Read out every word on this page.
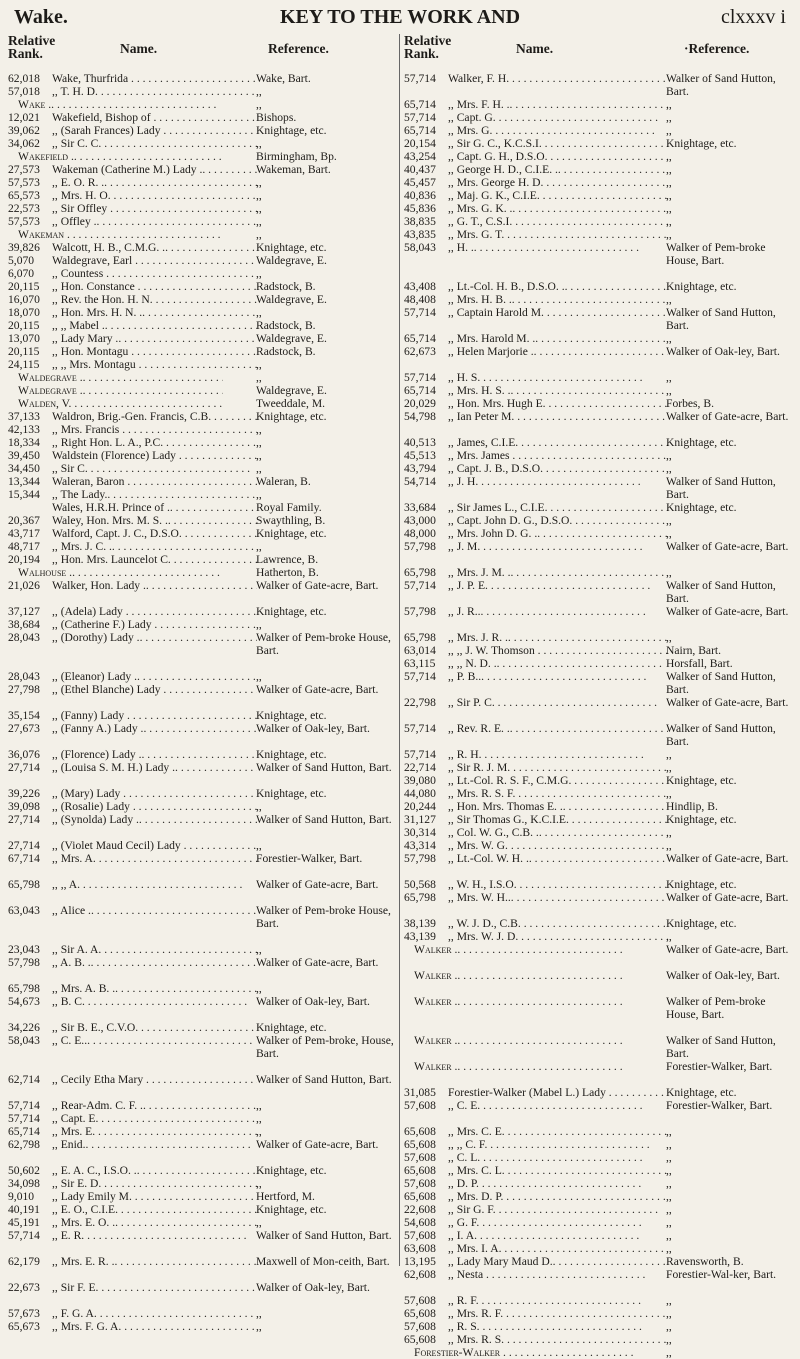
Wake.	KEY TO THE WORK AND	clxxxv i
Relative Rank.	Name.	Reference.
62,018	Wake, Thurfrida . . .	Wake, Bart.
57,018	,, T. H. D. . . .	,,
Wake .. . . .	,,
12,021	Wakefield, Bishop of . . .	Bishops.
39,062	,, (Sarah Frances) Lady . . .	Knightage, etc.
34,062	,, Sir C. C. . . .	,,
Wakefield .. . . .	Birmingham, Bp.
27,573	Wakeman (Catherine M.) Lady .. . . .	Wakeman, Bart.
57,573	,, E. O. R. .. . . .	,,
65,573	,, Mrs. H. O. . . .	,,
22,573	,, Sir Offley . . .	,,
57,573	,, Offley .. . . .	,,
Wakeman . . .	,,
39,826	Walcott, H. B., C.M.G. .. . . .	Knightage, etc.
5,070	Waldegrave, Earl . . .	Waldegrave, E.
6,070	,, Countess . . .	,,
20,115	,, Hon. Constance . . .	Radstock, B.
16,070	,, Rev. the Hon. H. N. . . .	Waldegrave, E.
18,070	,, Hon. Mrs. H. N. .. . . .	,,
20,115	,, ,, Mabel .. . . .	Radstock, B.
13,070	,, Lady Mary .. . . .	Waldegrave, E.
20,115	,, Hon. Montagu . . .	Radstock, B.
24,115	,, ,, Mrs. Montagu . . .	,,
Waldegrave .. . . .	,,
Waldegrave .. . . .	Waldegrave, E.
Walden, V. . . .	Tweeddale, M.
37,133	Waldron, Brig.-Gen. Francis, C.B. . . .	Knightage, etc.
42,133	,, Mrs. Francis . . .	,,
18,334	,, Right Hon. L. A., P.C. . . .	,,
39,450	Waldstein (Florence) Lady . . .	,,
34,450	,, Sir C. . . .	,,
13,344	Waleran, Baron . . .	Waleran, B.
15,344	,, The Lady.. . . .	,,
Wales, H.R.H. Prince of .. . . .	Royal Family.
20,367	Waley, Hon. Mrs. M. S. .. . . .	Swaythling, B.
43,717	Walford, Capt. J. C., D.S.O. . . .	Knightage, etc.
48,717	,, Mrs. J. C. .. . . .	,,
20,194	,, Hon. Mrs. Launcelot C. . . .	Lawrence, B.
Walhouse .. . . .	Hatherton, B.
21,026	Walker, Hon. Lady .. . . .	Walker of Gate-acre, Bart.

37,127	,, (Adela) Lady . . .	Knightage, etc.
38,684	,, (Catherine F.) Lady . . .	,,
28,043	,, (Dorothy) Lady .. . . .	Walker of Pem-broke House, Bart.

28,043	,, (Eleanor) Lady .. . . .	,,
27,798	,, (Ethel Blanche) Lady . . .	Walker of Gate-acre, Bart.

35,154	,, (Fanny) Lady . . .	Knightage, etc.
27,673	,, (Fanny A.) Lady .. . . .	Walker of Oak-ley, Bart.

36,076	,, (Florence) Lady .. . . .	Knightage, etc.
27,714	,, (Louisa S. M. H.) Lady .. . . .	Walker of Sand Hutton, Bart.

39,226	,, (Mary) Lady . . .	Knightage, etc.
39,098	,, (Rosalie) Lady . . .	,,
27,714	,, (Synolda) Lady .. . . .	Walker of Sand Hutton, Bart.

27,714	,, (Violet Maud Cecil) Lady . . .	,,
67,714	,, Mrs. A. . . .	Forestier-Walker, Bart.

65,798	,, ,, A. . . .	Walker of Gate-acre, Bart.

63,043	,, Alice .. . . .	Walker of Pem-broke House, Bart.

23,043	,, Sir A. A. . . .	,,
57,798	,, A. B. .. . . .	Walker of Gate-acre, Bart.

65,798	,, Mrs. A. B. .. . . .	,,
54,673	,, B. C. . . .	Walker of Oak-ley, Bart.

34,226	,, Sir B. E., C.V.O. . . .	Knightage, etc.
58,043	,, C. E... . . .	Walker of Pem-broke, House, Bart.

62,714	,, Cecily Etha Mary . . .	Walker of Sand Hutton, Bart.

57,714	,, Rear-Adm. C. F. .. . . .	,,
57,714	,, Capt. E. . . .	,,
65,714	,, Mrs. E. . . .	,,
62,798	,, Enid.. . . .	Walker of Gate-acre, Bart.

50,602	,, E. A. C., I.S.O. .. . . .	Knightage, etc.
34,098	,, Sir E. D. . . .	,,
9,010	,, Lady Emily M. . . .	Hertford, M.
40,191	,, E. O., C.I.E. . . .	Knightage, etc.
45,191	,, Mrs. E. O. .. . . .	,,
57,714	,, E. R. . . .	Walker of Sand Hutton, Bart.

62,179	,, Mrs. E. R. .. . . .	Maxwell of Mon-ceith, Bart.

22,673	,, Sir F. E. . . .	Walker of Oak-ley, Bart.

57,673	,, F. G. A. . . .	,,
65,673	,, Mrs. F. G. A. . . .	,,
Relative Rank.	Name.	·Reference.
57,714	Walker, F. H. . . .	Walker of Sand Hutton, Bart.

65,714	,, Mrs. F. H. .. . . .	,,
57,714	,, Capt. G. . . .	,,
65,714	,, Mrs. G. . . .	,,
20,154	,, Sir G. C., K.C.S.I. . . .	Knightage, etc.
43,254	,, Capt. G. H., D.S.O. . . .	,,
40,437	,, George H. D., C.I.E. .. . . .	,,
45,457	,, Mrs. George H. D. . . .	,,
40,836	,, Maj. G. K., C.I.E. . . .	,,
45,836	,, Mrs. G. K. .. . . .	,,
38,835	,, G. T., C.S.I. . . .	,,
43,835	,, Mrs. G. T. . . .	,,
58,043	,, H. .. . . .	Walker of Pem-broke House, Bart.

43,408	,, Lt.-Col. H. B., D.S.O. .. . . .	Knightage, etc.
48,408	,, Mrs. H. B. .. . . .	,,
57,714	,, Captain Harold M. . . .	Walker of Sand Hutton, Bart.

65,714	,, Mrs. Harold M. .. . . .	,,
62,673	,, Helen Marjorie .. . . .	Walker of Oak-ley, Bart.

57,714	,, H. S. . . .	,,
65,714	,, Mrs. H. S. .. . . .	,,
20,029	,, Hon. Mrs. Hugh E. . . .	Forbes, B.
54,798	,, Ian Peter M. . . .	Walker of Gate-acre, Bart.

40,513	,, James, C.I.E. . . .	Knightage, etc.
45,513	,, Mrs. James . . .	,,
43,794	,, Capt. J. B., D.S.O. . . .	,,
54,714	,, J. H. . . .	Walker of Sand Hutton, Bart.

33,684	,, Sir James L., C.I.E. . . .	Knightage, etc.
43,000	,, Capt. John D. G., D.S.O. . . .	,,
48,000	,, Mrs. John D. G. .. . . .	,,
57,798	,, J. M. . . .	Walker of Gate-acre, Bart.

65,798	,, Mrs. J. M. .. . . .	,,
57,714	,, J. P. E. . . .	Walker of Sand Hutton, Bart.

57,798	,, J. R... . . .	Walker of Gate-acre, Bart.

65,798	,, Mrs. J. R. .. . . .	,,
63,014	,, ,, J. W. Thomson . . .	Nairn, Bart.
63,115	,, ,, N. D. .. . . .	Horsfall, Bart.
57,714	,, P. B... . . .	Walker of Sand Hutton, Bart.

22,798	,, Sir P. C. . . .	Walker of Gate-acre, Bart.

57,714	,, Rev. R. E. .. . . .	Walker of Sand Hutton, Bart.

57,714	,, R. H. . . .	,,
22,714	,, Sir R. J. M. . . .	,,
39,080	,, Lt.-Col. R. S. F., C.M.G. . . .	Knightage, etc.
44,080	,, Mrs. R. S. F. . . .	,,
20,244	,, Hon. Mrs. Thomas E. .. . . .	Hindlip, B.
31,127	,, Sir Thomas G., K.C.I.E. . . .	Knightage, etc.
30,314	,, Col. W. G., C.B. .. . . .	,,
43,314	,, Mrs. W. G. . . .	,,
57,798	,, Lt.-Col. W. H. .. . . .	Walker of Gate-acre, Bart.

50,568	,, W. H., I.S.O. . . .	Knightage, etc.
65,798	,, Mrs. W. H... . . .	Walker of Gate-acre, Bart.

38,139	,, W. J. D., C.B. . . .	Knightage, etc.
43,139	,, Mrs. W. J. D. . . .	,,
Walker .. . . .	Walker of Gate-acre, Bart.

Walker .. . . .	Walker of Oak-ley, Bart.

Walker .. . . .	Walker of Pem-broke House, Bart.

Walker .. . . .	Walker of Sand Hutton, Bart.

Walker .. . . .	Forestier-Walker, Bart.

31,085	Forestier-Walker (Mabel L.) Lady . . .	Knightage, etc.
57,608	,, C. E. . . .	Forestier-Walker, Bart.

65,608	,, Mrs. C. E. . . .	,,
65,608	,, ,, C. F. . . .	,,
57,608	,, C. L. . . .	,,
65,608	,, Mrs. C. L. . . .	,,
57,608	,, D. P. . . .	,,
65,608	,, Mrs. D. P. . . .	,,
22,608	,, Sir G. F. . . .	,,
54,608	,, G. F. . . .	,,
57,608	,, I. A. . . .	,,
63,608	,, Mrs. I. A. . . .	,,
13,195	,, Lady Mary Maud D.. . . .	Ravensworth, B.
62,608	,, Nesta . . .	Forestier-Wal-ker, Bart.

57,608	,, R. F. . . .	,,
65,608	,, Mrs. R. F. . . .	,,
57,608	,, R. S. . . .	,,
65,608	,, Mrs. R. S. . . .	,,
Forestier-Walker . . .	,,
